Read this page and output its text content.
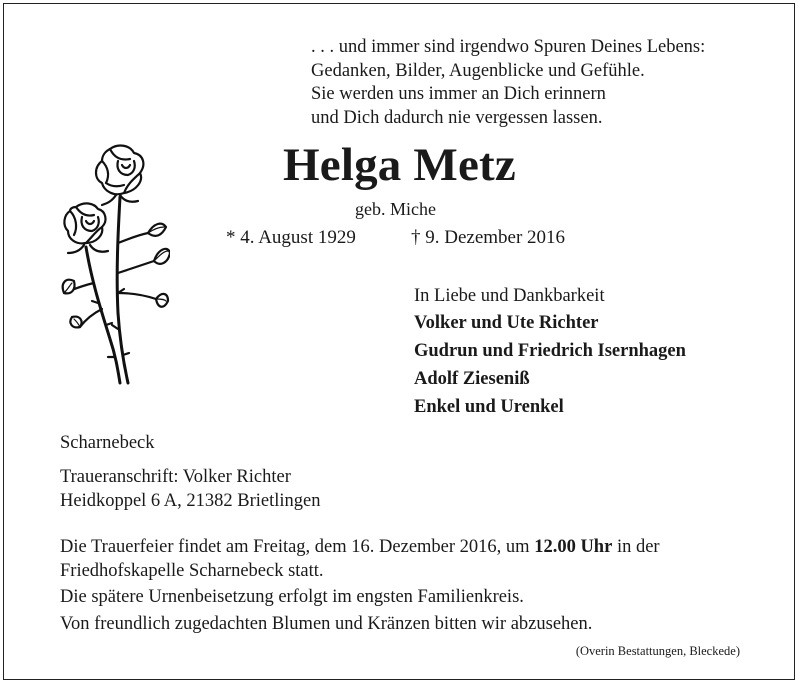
. . . und immer sind irgendwo Spuren Deines Lebens:
Gedanken, Bilder, Augenblicke und Gefühle.
Sie werden uns immer an Dich erinnern
und Dich dadurch nie vergessen lassen.
Helga Metz
geb. Miche
* 4. August 1929	† 9. Dezember 2016
In Liebe und Dankbarkeit
Volker und Ute Richter
Gudrun und Friedrich Isernhagen
Adolf Zieseniß
Enkel und Urenkel
Scharnebeck
Traueranschrift: Volker Richter
Heidkoppel 6 A, 21382 Brietlingen
Die Trauerfeier findet am Freitag, dem 16. Dezember 2016, um 12.00 Uhr in der
Friedhofskapelle Scharnebeck statt.
Die spätere Urnenbeisetzung erfolgt im engsten Familienkreis.
Von freundlich zugedachten Blumen und Kränzen bitten wir abzusehen.
(Overin Bestattungen, Bleckede)
